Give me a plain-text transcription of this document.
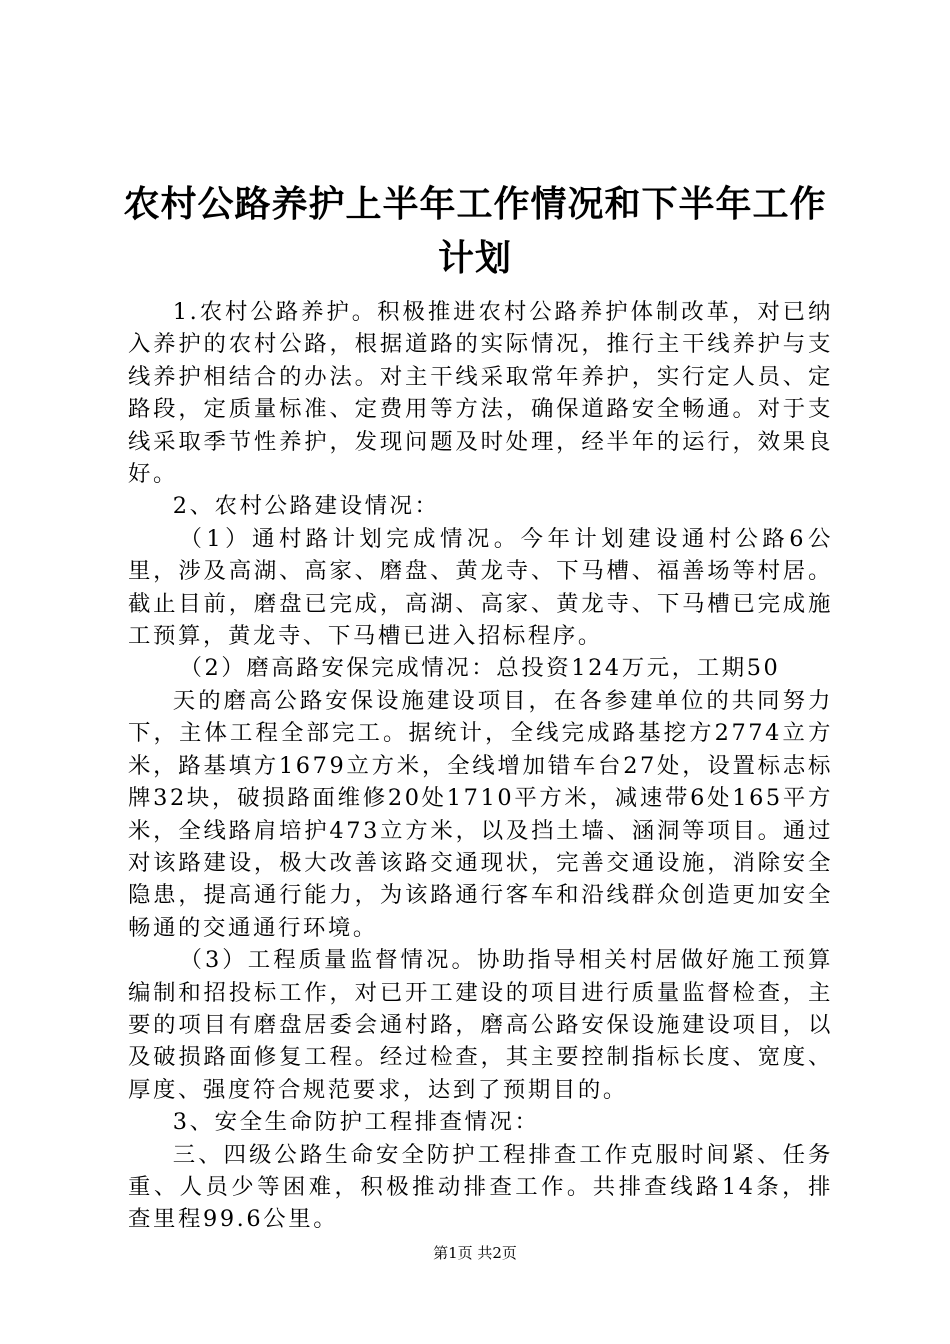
农村公路养护上半年工作情况和下半年工作计划

1.农村公路养护。积极推进农村公路养护体制改革，对已纳入养护的农村公路，根据道路的实际情况，推行主干线养护与支线养护相结合的办法。对主干线采取常年养护，实行定人员、定路段，定质量标准、定费用等方法，确保道路安全畅通。对于支线采取季节性养护，发现问题及时处理，经半年的运行，效果良好。

2、农村公路建设情况：

（1）通村路计划完成情况。今年计划建设通村公路6公里，涉及高湖、高家、磨盘、黄龙寺、下马槽、福善场等村居。截止目前，磨盘已完成，高湖、高家、黄龙寺、下马槽已完成施工预算，黄龙寺、下马槽已进入招标程序。

（2）磨高路安保完成情况：总投资124万元，工期50

天的磨高公路安保设施建设项目，在各参建单位的共同努力下，主体工程全部完工。据统计，全线完成路基挖方2774立方米，路基填方1679立方米，全线增加错车台27处，设置标志标牌32块，破损路面维修20处1710平方米，减速带6处165平方米，全线路肩培护473立方米，以及挡土墙、涵洞等项目。通过对该路建设，极大改善该路交通现状，完善交通设施，消除安全隐患，提高通行能力，为该路通行客车和沿线群众创造更加安全畅通的交通通行环境。

（3）工程质量监督情况。协助指导相关村居做好施工预算编制和招投标工作，对已开工建设的项目进行质量监督检查，主要的项目有磨盘居委会通村路，磨高公路安保设施建设项目，以及破损路面修复工程。经过检查，其主要控制指标长度、宽度、厚度、强度符合规范要求，达到了预期目的。

3、安全生命防护工程排查情况：

三、四级公路生命安全防护工程排查工作克服时间紧、任务重、人员少等困难，积极推动排查工作。共排查线路14条，排查里程99.6公里。

第1页 共2页
